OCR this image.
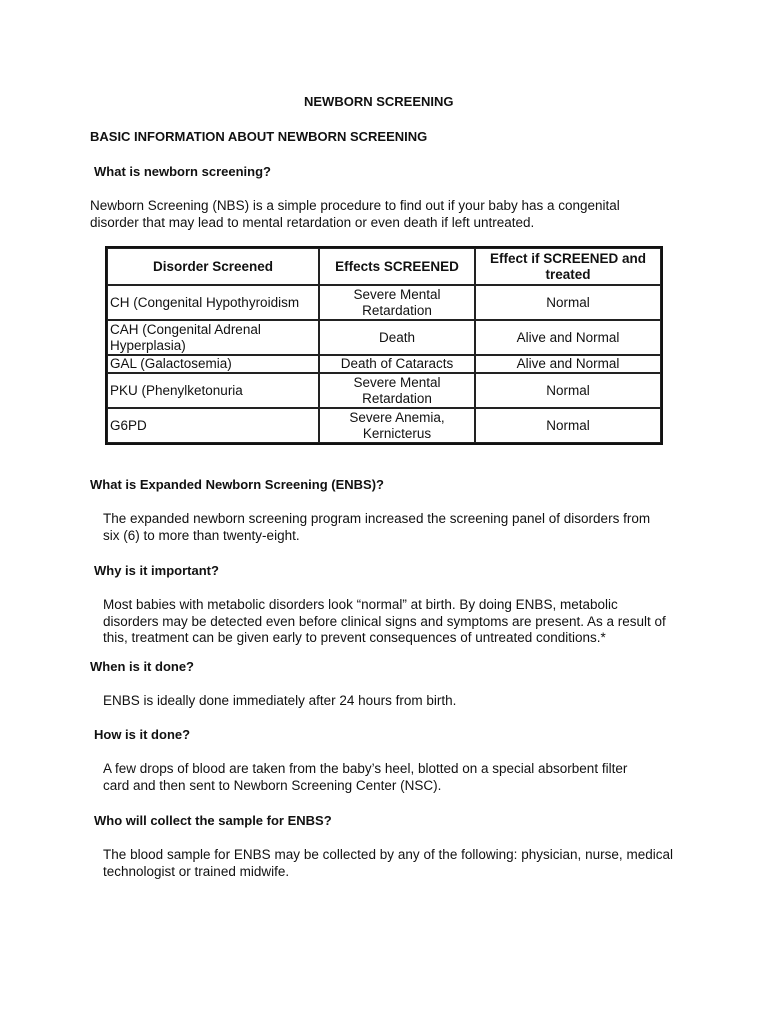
NEWBORN SCREENING
BASIC INFORMATION ABOUT NEWBORN SCREENING
What is newborn screening?
Newborn Screening (NBS) is a simple procedure to find out if your baby has a congenital disorder that may lead to mental retardation or even death if left untreated.
Disorder Screened	Effects SCREENED	Effect if SCREENED and treated
CH (Congenital Hypothyroidism	Severe Mental Retardation	Normal
CAH (Congenital Adrenal Hyperplasia)	Death	Alive and Normal
GAL (Galactosemia)	Death of Cataracts	Alive and Normal
PKU (Phenylketonuria	Severe Mental Retardation	Normal
G6PD	Severe Anemia, Kernicterus	Normal
What is Expanded Newborn Screening (ENBS)?
The expanded newborn screening program increased the screening panel of disorders from six (6) to more than twenty-eight.
Why is it important?
Most babies with metabolic disorders look “normal” at birth. By doing ENBS, metabolic disorders may be detected even before clinical signs and symptoms are present. As a result of this, treatment can be given early to prevent consequences of untreated conditions.*
When is it done?
ENBS is ideally done immediately after 24 hours from birth.
How is it done?
A few drops of blood are taken from the baby’s heel, blotted on a special absorbent filter card and then sent to Newborn Screening Center (NSC).
Who will collect the sample for ENBS?
The blood sample for ENBS may be collected by any of the following: physician, nurse, medical technologist or trained midwife.
